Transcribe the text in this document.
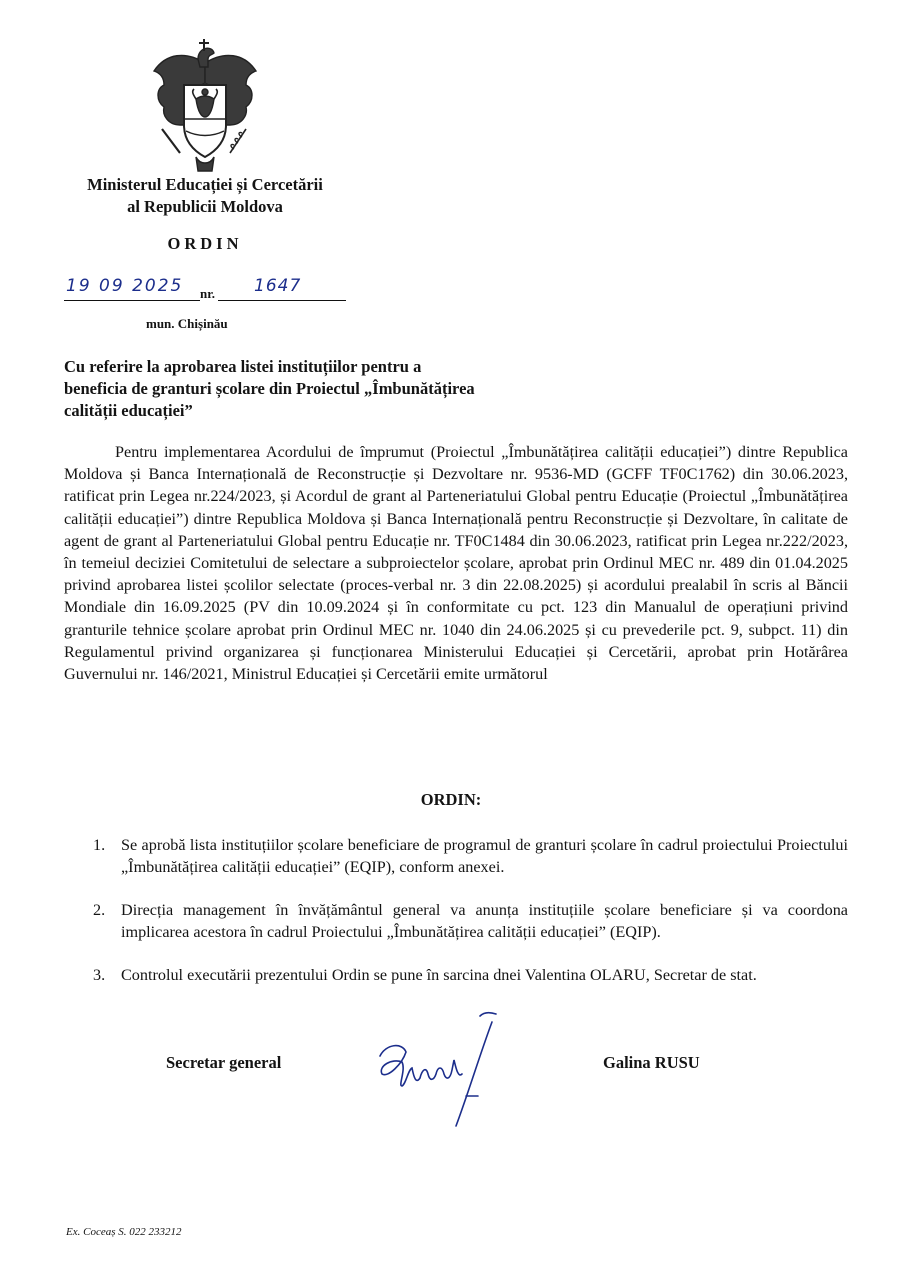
Ministerul Educației și Cercetării
al Republicii Moldova
ORDIN
19 09 2025 nr. 1647
mun. Chișinău
Cu referire la aprobarea listei instituțiilor pentru a beneficia de granturi școlare din Proiectul „Îmbunătățirea calității educației”

Pentru implementarea Acordului de împrumut (Proiectul „Îmbunătățirea calității educației”) dintre Republica Moldova și Banca Internațională de Reconstrucție și Dezvoltare nr. 9536-MD (GCFF TF0C1762) din 30.06.2023, ratificat prin Legea nr.224/2023, și Acordul de grant al Parteneriatului Global pentru Educație (Proiectul „Îmbunătățirea calității educației”) dintre Republica Moldova și Banca Internațională pentru Reconstrucție și Dezvoltare, în calitate de agent de grant al Parteneriatului Global pentru Educație nr. TF0C1484 din 30.06.2023, ratificat prin Legea nr.222/2023, în temeiul deciziei Comitetului de selectare a subproiectelor școlare, aprobat prin Ordinul MEC nr. 489 din 01.04.2025 privind aprobarea listei școlilor selectate (proces-verbal nr. 3 din 22.08.2025) și acordului prealabil în scris al Băncii Mondiale din 16.09.2025 (PV din 10.09.2024 și în conformitate cu pct. 123 din Manualul de operațiuni privind granturile tehnice școlare aprobat prin Ordinul MEC nr. 1040 din 24.06.2025 și cu prevederile pct. 9, subpct. 11) din Regulamentul privind organizarea și funcționarea Ministerului Educației și Cercetării, aprobat prin Hotărârea Guvernului nr. 146/2021, Ministrul Educației și Cercetării emite următorul

ORDIN:
1. Se aprobă lista instituțiilor școlare beneficiare de programul de granturi școlare în cadrul proiectului Proiectului „Îmbunătățirea calității educației” (EQIP), conform anexei.
2. Direcția management în învățământul general va anunța instituțiile școlare beneficiare și va coordona implicarea acestora în cadrul Proiectului „Îmbunătățirea calității educației” (EQIP).
3. Controlul executării prezentului Ordin se pune în sarcina dnei Valentina OLARU, Secretar de stat.
Secretar general	Galina RUSU
Ex. Coceaș S. 022 233212
